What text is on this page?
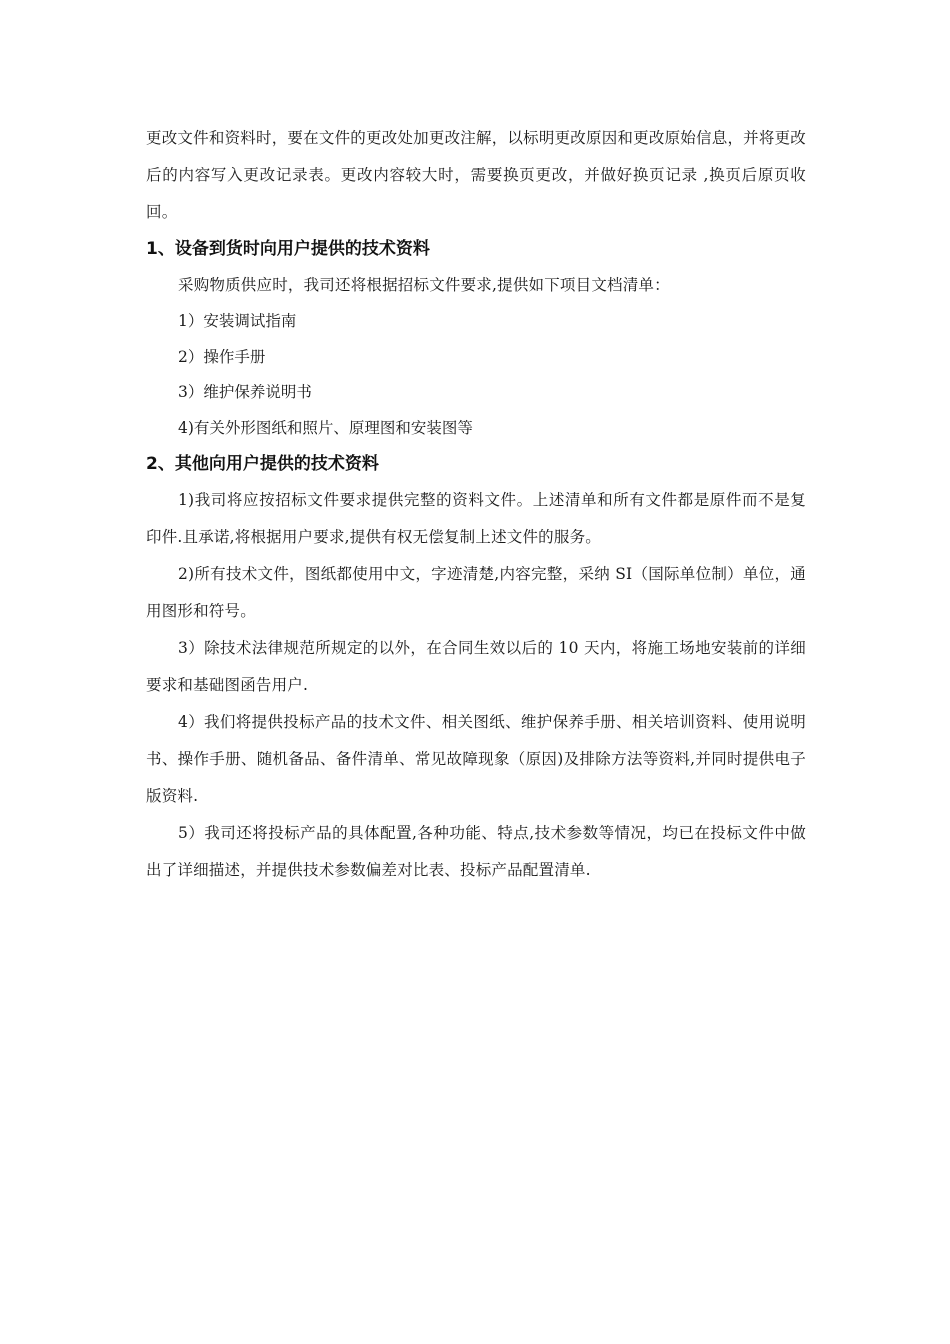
更改文件和资料时，要在文件的更改处加更改注解，以标明更改原因和更改原始信息，并将更改后的内容写入更改记录表。更改内容较大时，需要换页更改，并做好换页记录 ,换页后原页收回。

1、设备到货时向用户提供的技术资料

采购物质供应时，我司还将根据招标文件要求,提供如下项目文档清单：

1）安装调试指南

2）操作手册

3）维护保养说明书

4)有关外形图纸和照片、原理图和安装图等

2、其他向用户提供的技术资料

1)我司将应按招标文件要求提供完整的资料文件。上述清单和所有文件都是原件而不是复印件.且承诺,将根据用户要求,提供有权无偿复制上述文件的服务。

2)所有技术文件，图纸都使用中文，字迹清楚,内容完整，采纳 SI（国际单位制）单位，通用图形和符号。

3）除技术法律规范所规定的以外，在合同生效以后的 10 天内，将施工场地安装前的详细要求和基础图函告用户.

4）我们将提供投标产品的技术文件、相关图纸、维护保养手册、相关培训资料、使用说明书、操作手册、随机备品、备件清单、常见故障现象（原因)及排除方法等资料,并同时提供电子版资料.

5）我司还将投标产品的具体配置,各种功能、特点,技术参数等情况，均已在投标文件中做出了详细描述，并提供技术参数偏差对比表、投标产品配置清单.
